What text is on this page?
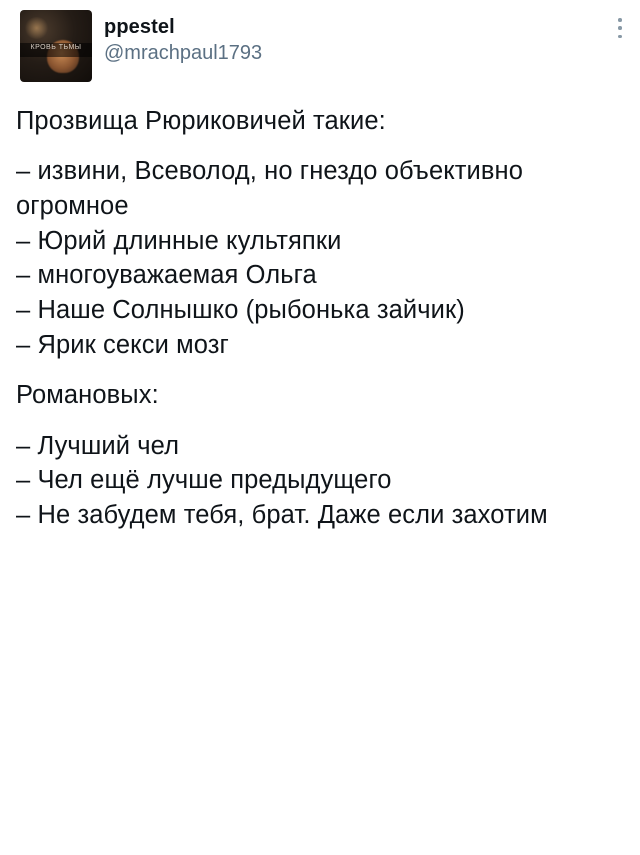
КРОВЬ ТЬМЫ
ppestel
@mrachpaul1793
Прозвища Рюриковичей такие:
– извини, Всеволод, но гнездо объективно огромное
– Юрий длинные культяпки
– многоуважаемая Ольга
– Наше Солнышко (рыбонька зайчик)
– Ярик секси мозг
Романовых:
– Лучший чел
– Чел ещё лучше предыдущего
– Не забудем тебя, брат. Даже если захотим
